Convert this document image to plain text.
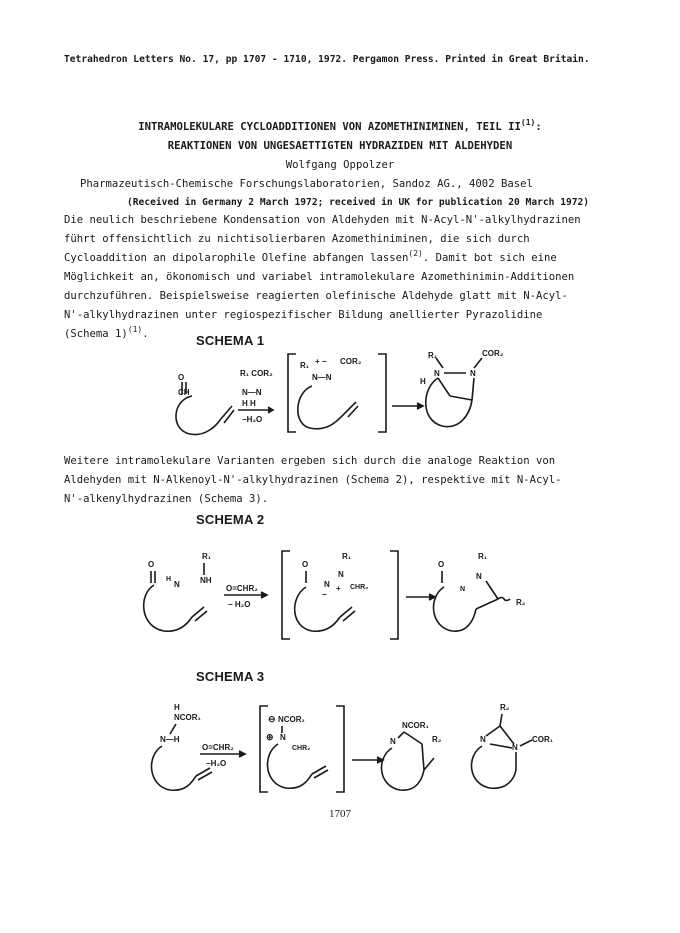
Tetrahedron Letters No. 17, pp 1707 - 1710, 1972. Pergamon Press. Printed in Great Britain.
INTRAMOLEKULARE CYCLOADDITIONEN VON AZOMETHINIMINEN, TEIL II$^{(1)}$:
REAKTIONEN VON UNGESAETTIGTEN HYDRAZIDEN MIT ALDEHYDEN
Wolfgang Oppolzer
Pharmazeutisch-Chemische Forschungslaboratorien, Sandoz AG., 4002 Basel
(Received in Germany 2 March 1972; received in UK for publication 20 March 1972)
Die neulich beschriebene Kondensation von Aldehyden mit N-Acyl-N'-alkylhydrazinen
führt offensichtlich zu nichtisolierbaren Azomethiniminen, die sich durch
Cycloaddition an dipolarophile Olefine abfangen lassen$^{(2)}$. Damit bot sich eine
Möglichkeit an, ökonomisch und variabel intramolekulare Azomethinimin-Additionen
durchzuführen. Beispielsweise reagierten olefinische Aldehyde glatt mit N-Acyl-
N'-alkylhydrazinen unter regiospezifischer Bildung anellierter Pyrazolidine
(Schema 1)$^{(1)}$.	SCHEMA 1
O
CH
R₁ COR₂
N—N
H H
−H₂O
R₁ + − COR₂
N—N
R₁	COR₂
N	N
H
Weitere intramolekulare Varianten ergeben sich durch die analoge Reaktion von
Aldehyden mit N-Alkenoyl-N'-alkylhydrazinen (Schema 2), respektive mit N-Acyl-
N'-alkenylhydrazinen (Schema 3).
SCHEMA 2
O
R₁
H
N	NH
O=CHR₂
− H₂O
O
R₁
N
N + CHR₂
−
O
R₁
N
N
R₂
SCHEMA 3
H
NCOR₁
N—H
O=CHR₂
−H₂O
⊖ NCOR₁
⊕ N
CHR₂
NCOR₁
N	R₂
R₂
N
N
COR₁
1707
